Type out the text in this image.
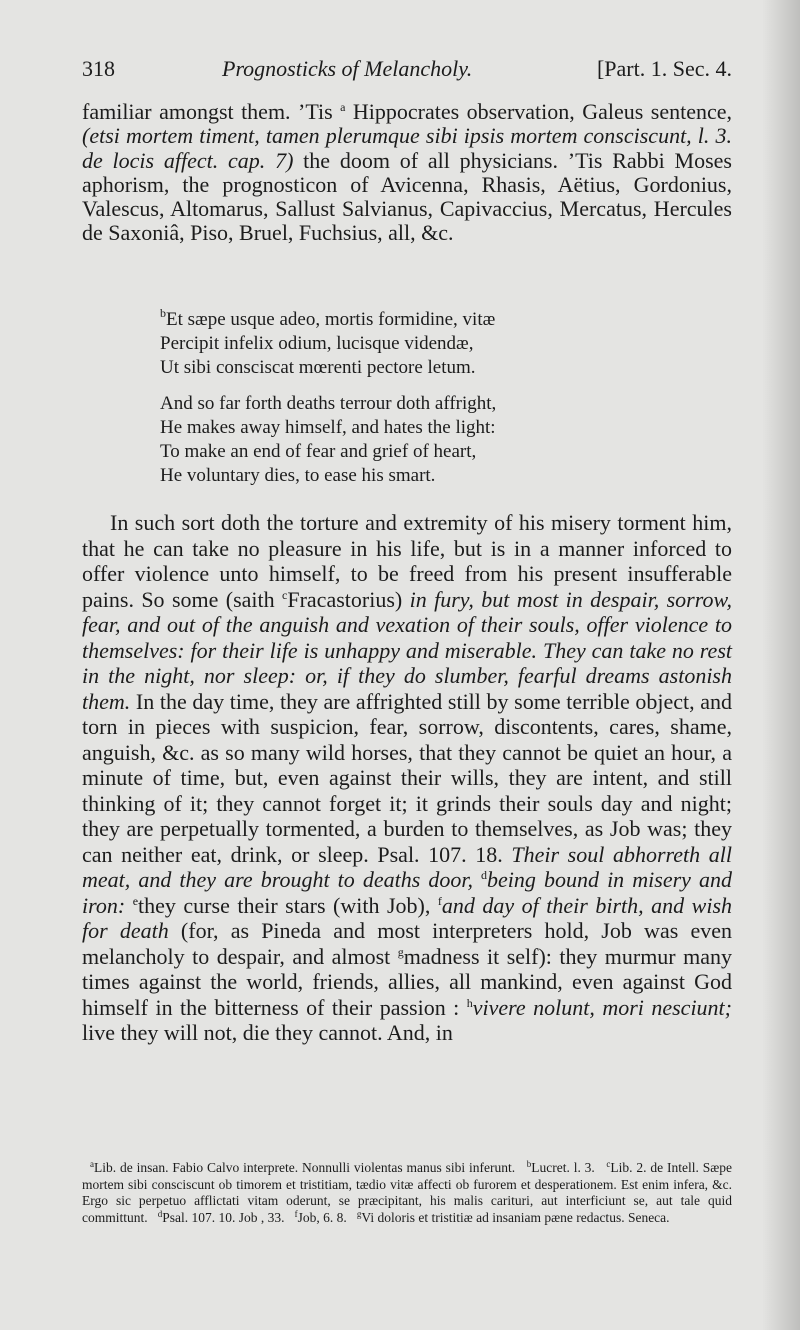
318	Prognosticks of Melancholy.	[Part. 1. Sec. 4.

familiar amongst them. ’Tis $^a$ Hippocrates observation, Galeus sentence, (etsi mortem timent, tamen plerumque sibi ipsis mortem consciscunt, l. 3. de locis affect. cap. 7) the doom of all physicians. ’Tis Rabbi Moses aphorism, the prognosticon of Avicenna, Rhasis, Aëtius, Gordonius, Valescus, Altomarus, Sallust Salvianus, Capivaccius, Mercatus, Hercules de Saxoniâ, Piso, Bruel, Fuchsius, all, &c.

$^b$Et sæpe usque adeo, mortis formidine, vitæ
Percipit infelix odium, lucisque videndæ,
Ut sibi consciscat mœrenti pectore letum.
And so far forth deaths terrour doth affright,
He makes away himself, and hates the light:
To make an end of fear and grief of heart,
He voluntary dies, to ease his smart.

In such sort doth the torture and extremity of his misery torment him, that he can take no pleasure in his life, but is in a manner inforced to offer violence unto himself, to be freed from his present insufferable pains. So some (saith $^c$Fracastorius) in fury, but most in despair, sorrow, fear, and out of the anguish and vexation of their souls, offer violence to themselves: for their life is unhappy and miserable. They can take no rest in the night, nor sleep: or, if they do slumber, fearful dreams astonish them. In the day time, they are affrighted still by some terrible object, and torn in pieces with suspicion, fear, sorrow, discontents, cares, shame, anguish, &c. as so many wild horses, that they cannot be quiet an hour, a minute of time, but, even against their wills, they are intent, and still thinking of it; they cannot forget it; it grinds their souls day and night; they are perpetually tormented, a burden to themselves, as Job was; they can neither eat, drink, or sleep. Psal. 107. 18. Their soul abhorreth all meat, and they are brought to deaths door, $^d$being bound in misery and iron: $^e$they curse their stars (with Job), $^f$and day of their birth, and wish for death (for, as Pineda and most interpreters hold, Job was even melancholy to despair, and almost $^g$madness it self): they murmur many times against the world, friends, allies, all mankind, even against God himself in the bitterness of their passion : $^h$vivere nolunt, mori nesciunt; live they will not, die they cannot. And, in

$^a$Lib. de insan. Fabio Calvo interprete. Nonnulli violentas manus sibi inferunt. $^b$Lucret. l. 3. $^c$Lib. 2. de Intell. Sæpe mortem sibi consciscunt ob timorem et tristitiam, tædio vitæ affecti ob furorem et desperationem. Est enim infera, &c. Ergo sic perpetuo afflictati vitam oderunt, se præcipitant, his malis cariturі, aut interficiunt se, aut tale quid committunt. $^d$Psal. 107. 10. Job , 33. $^f$Job, 6. 8. $^g$Vi doloris et tristitiæ ad insaniam pæne redactus. Seneca.
